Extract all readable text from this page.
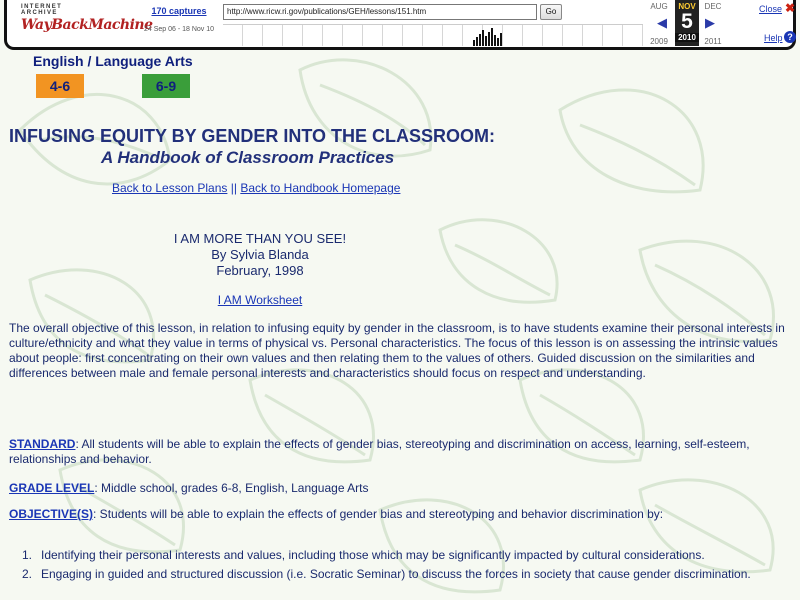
INTERNET ARCHIVE
WayBackMachine
170 captures
24 Sep 06 - 18 Nov 10
http://www.ricw.ri.gov/publications/GEH/lessons/151.htm	Go
AUG
2009
◀
NOV
5
2010
▶
DEC
2011
Close ✖
Help ?
English / Language Arts
4-6	6-9
INFUSING EQUITY BY GENDER INTO THE CLASSROOM:
A Handbook of Classroom Practices
Back to Lesson Plans || Back to Handbook Homepage
I AM MORE THAN YOU SEE!
By Sylvia Blanda
February, 1998
I AM Worksheet
The overall objective of this lesson, in relation to infusing equity by gender in the classroom, is to have students examine their personal interests in culture/ethnicity and what they value in terms of physical vs. Personal characteristics. The focus of this lesson is on assessing the intrinsic values about people: first concentrating on their own values and then relating them to the values of others. Guided discussion on the similarities and differences between male and female personal interests and characteristics should focus on respect and understanding.
STANDARD: All students will be able to explain the effects of gender bias, stereotyping and discrimination on access, learning, self-esteem, relationships and behavior.
GRADE LEVEL: Middle school, grades 6-8, English, Language Arts
OBJECTIVE(S): Students will be able to explain the effects of gender bias and stereotyping and behavior discrimination by:
1. Identifying their personal interests and values, including those which may be significantly impacted by cultural considerations.
2. Engaging in guided and structured discussion (i.e. Socratic Seminar) to discuss the forces in society that cause gender discrimination.
